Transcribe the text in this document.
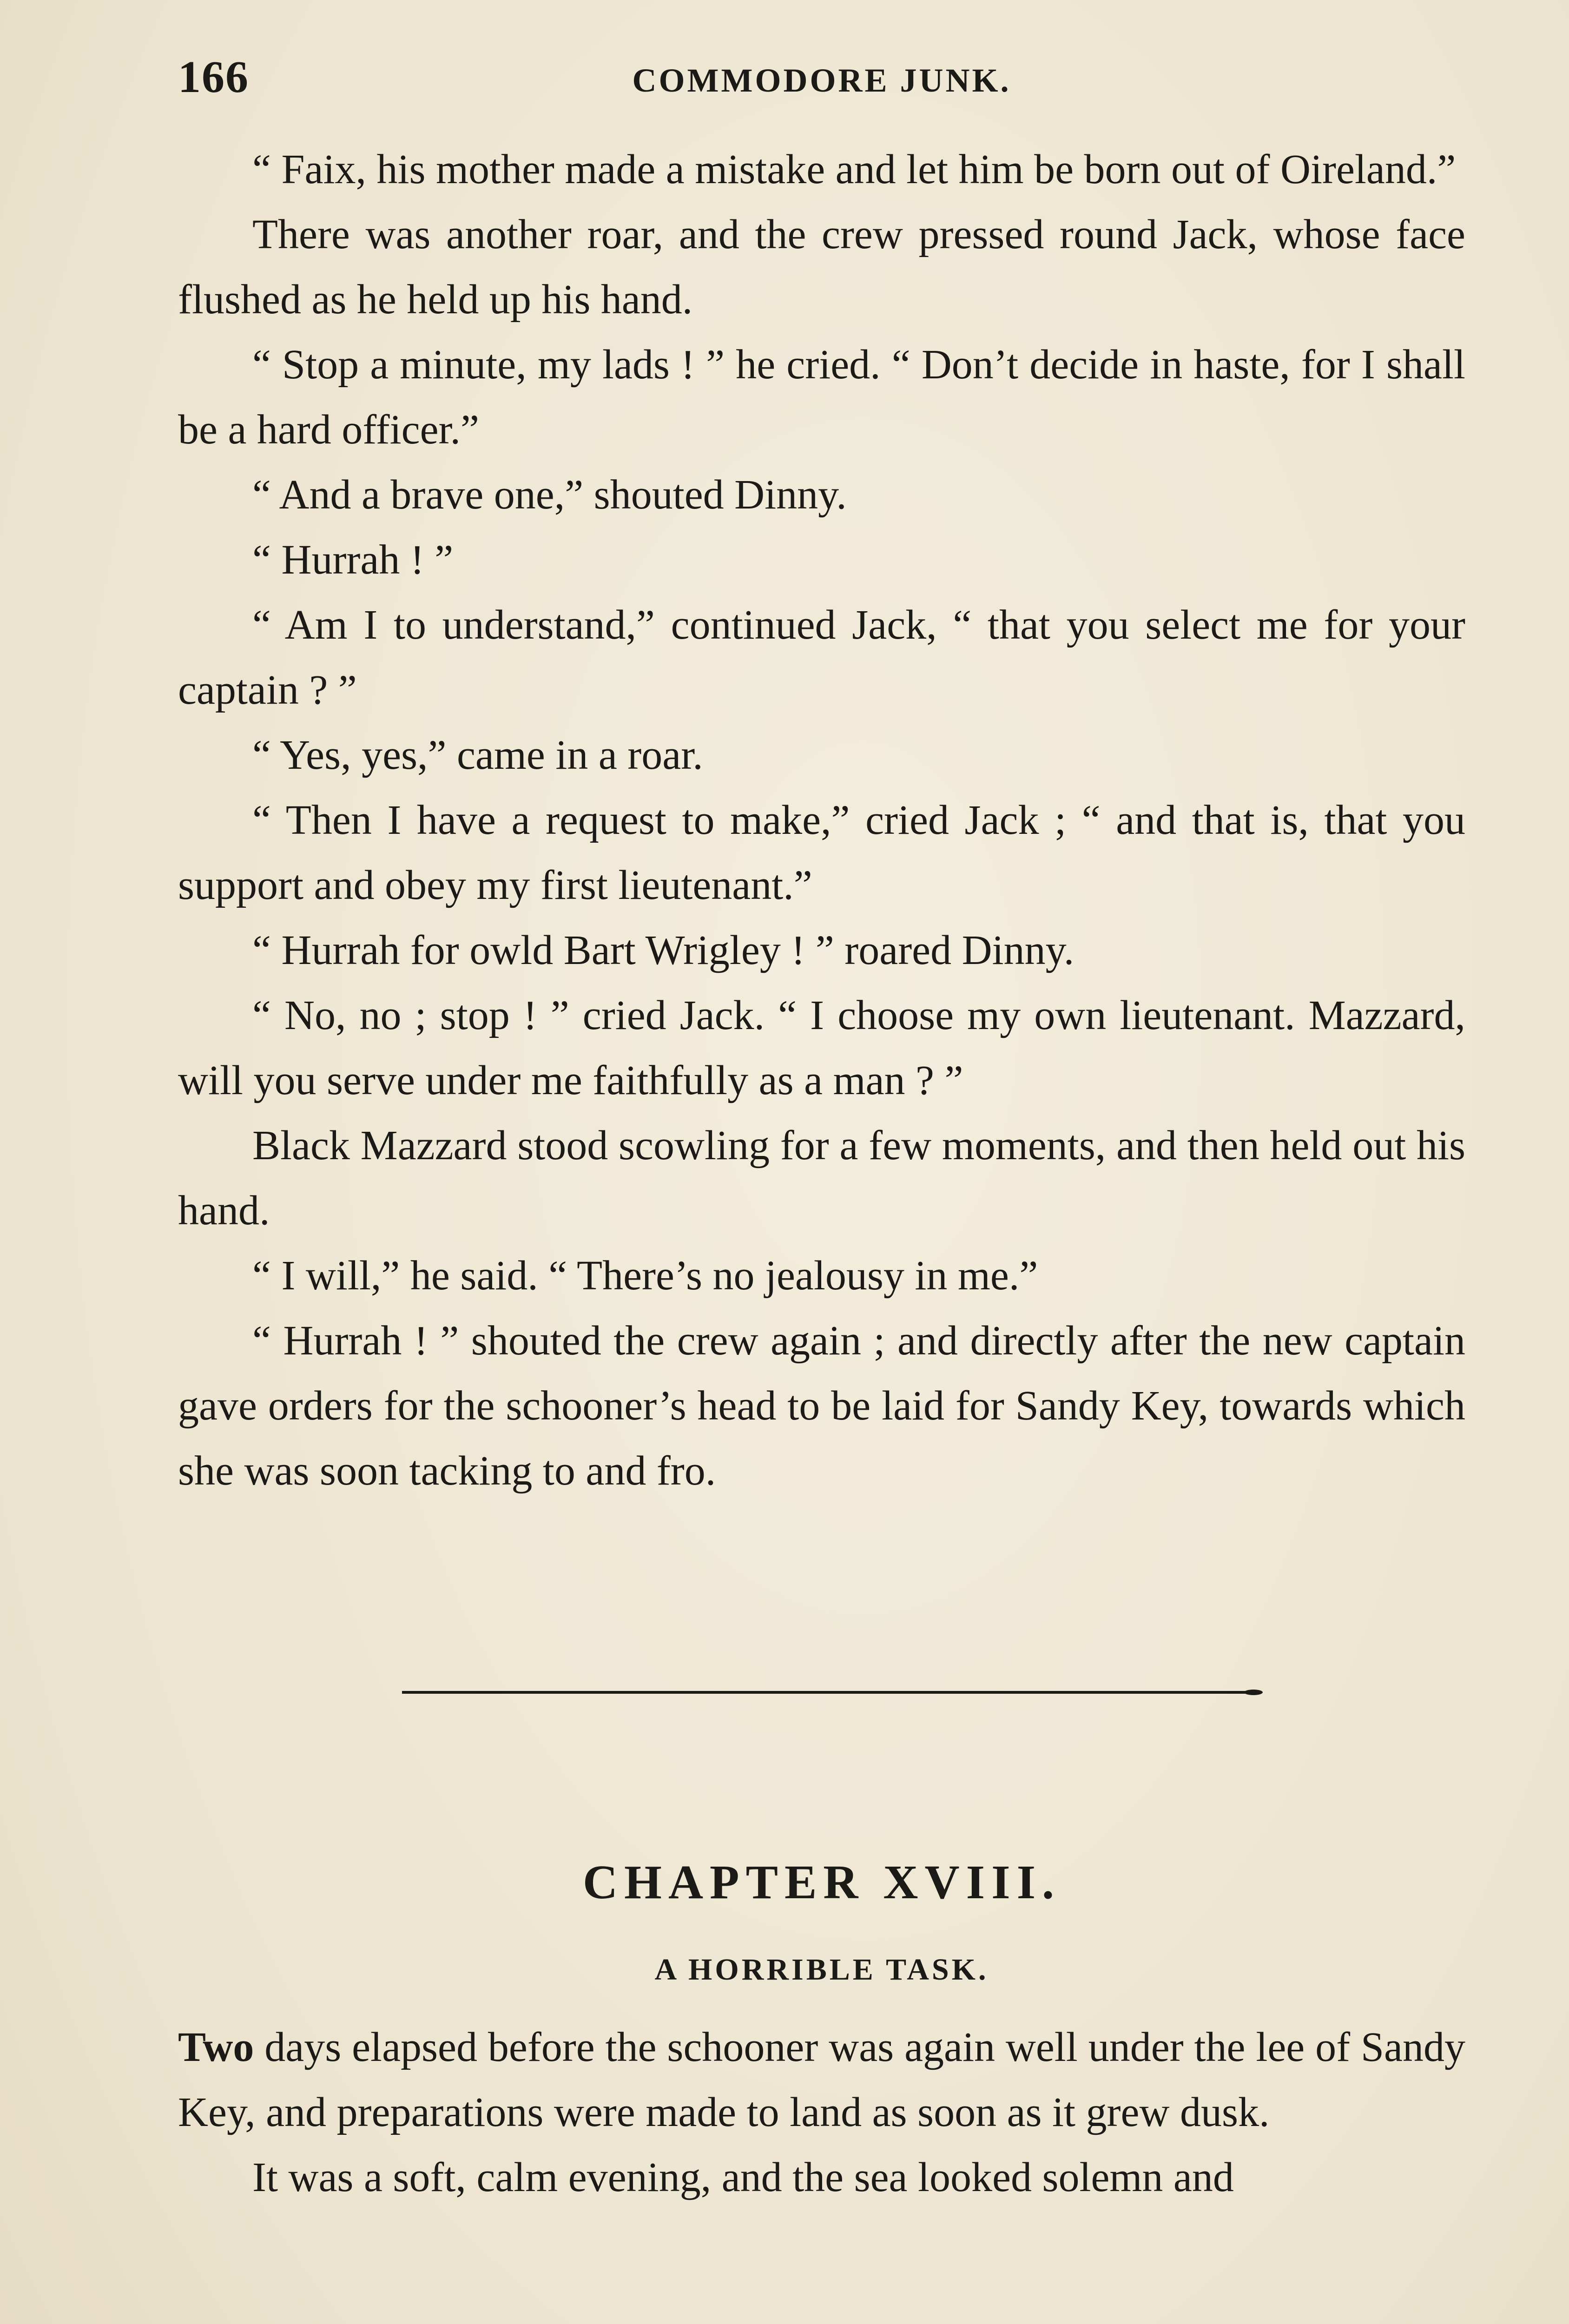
166	COMMODORE JUNK.

“ Faix, his mother made a mistake and let him be born out of Oireland.”

There was another roar, and the crew pressed round Jack, whose face flushed as he held up his hand.

“ Stop a minute, my lads ! ” he cried. “ Don’t decide in haste, for I shall be a hard officer.”

“ And a brave one,” shouted Dinny.

“ Hurrah ! ”

“ Am I to understand,” continued Jack, “ that you select me for your captain ? ”

“ Yes, yes,” came in a roar.

“ Then I have a request to make,” cried Jack ; “ and that is, that you support and obey my first lieutenant.”

“ Hurrah for owld Bart Wrigley ! ” roared Dinny.

“ No, no ; stop ! ” cried Jack. “ I choose my own lieutenant. Mazzard, will you serve under me faithfully as a man ? ”

Black Mazzard stood scowling for a few moments, and then held out his hand.

“ I will,” he said. “ There’s no jealousy in me.”

“ Hurrah ! ” shouted the crew again ; and directly after the new captain gave orders for the schooner’s head to be laid for Sandy Key, towards which she was soon tacking to and fro.

CHAPTER XVIII.
A HORRIBLE TASK.

Two days elapsed before the schooner was again well under the lee of Sandy Key, and preparations were made to land as soon as it grew dusk.

It was a soft, calm evening, and the sea looked solemn and
